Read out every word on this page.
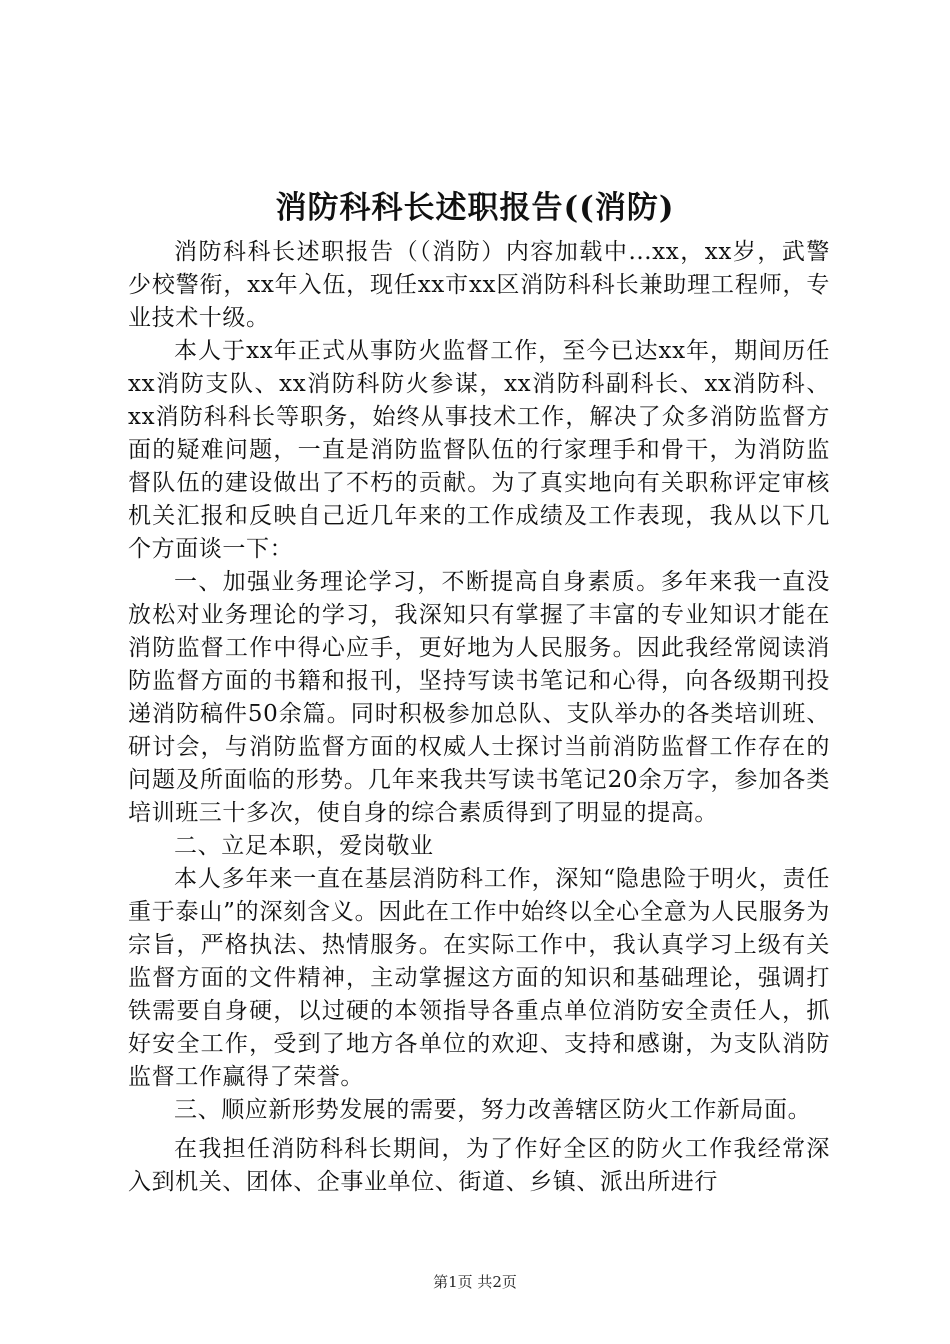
消防科科长述职报告((消防)

消防科科长述职报告（（消防）内容加载中...xx，xx岁，武警少校警衔，xx年入伍，现任xx市xx区消防科科长兼助理工程师，专业技术十级。

本人于xx年正式从事防火监督工作，至今已达xx年，期间历任xx消防支队、xx消防科防火参谋，xx消防科副科长、xx消防科、xx消防科科长等职务，始终从事技术工作，解决了众多消防监督方面的疑难问题，一直是消防监督队伍的行家理手和骨干，为消防监督队伍的建设做出了不朽的贡献。为了真实地向有关职称评定审核机关汇报和反映自己近几年来的工作成绩及工作表现，我从以下几个方面谈一下：

一、加强业务理论学习，不断提高自身素质。多年来我一直没放松对业务理论的学习，我深知只有掌握了丰富的专业知识才能在消防监督工作中得心应手，更好地为人民服务。因此我经常阅读消防监督方面的书籍和报刊，坚持写读书笔记和心得，向各级期刊投递消防稿件50余篇。同时积极参加总队、支队举办的各类培训班、研讨会，与消防监督方面的权威人士探讨当前消防监督工作存在的问题及所面临的形势。几年来我共写读书笔记20余万字，参加各类培训班三十多次，使自身的综合素质得到了明显的提高。

二、立足本职，爱岗敬业

本人多年来一直在基层消防科工作，深知“隐患险于明火，责任重于泰山”的深刻含义。因此在工作中始终以全心全意为人民服务为宗旨，严格执法、热情服务。在实际工作中，我认真学习上级有关监督方面的文件精神，主动掌握这方面的知识和基础理论，强调打铁需要自身硬，以过硬的本领指导各重点单位消防安全责任人，抓好安全工作，受到了地方各单位的欢迎、支持和感谢，为支队消防监督工作赢得了荣誉。

三、顺应新形势发展的需要，努力改善辖区防火工作新局面。

在我担任消防科科长期间，为了作好全区的防火工作我经常深入到机关、团体、企事业单位、街道、乡镇、派出所进行

第1页 共2页
